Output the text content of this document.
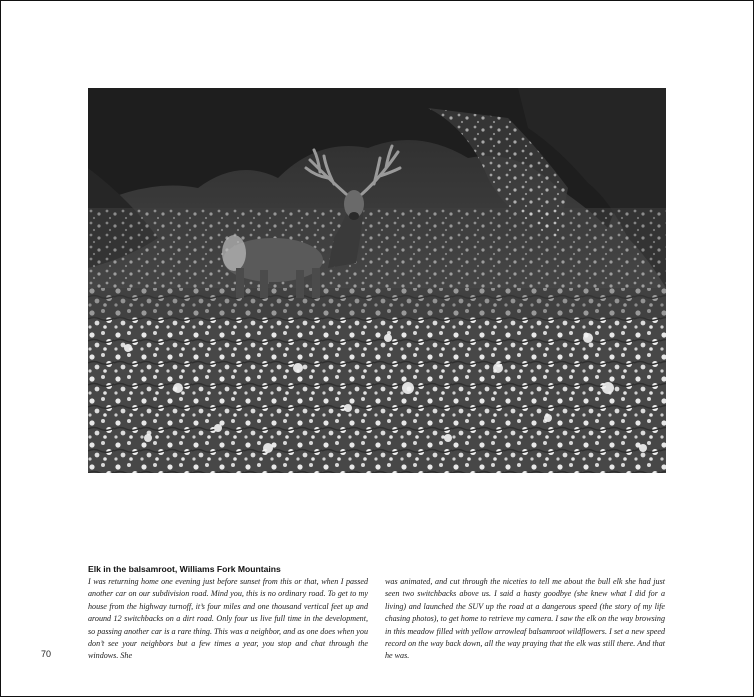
Elk in the balsamroot, Williams Fork Mountains
I was returning home one evening just before sunset from this or that, when I passed another car on our subdivision road. Mind you, this is no ordinary road. To get to my house from the highway turnoff, it’s four miles and one thousand vertical feet up and around 12 switchbacks on a dirt road. Only four us live full time in the development, so passing another car is a rare thing. This was a neighbor, and as one does when you don’t see your neighbors but a few times a year, you stop and chat through the windows. She
was animated, and cut through the niceties to tell me about the bull elk she had just seen two switchbacks above us. I said a hasty goodbye (she knew what I did for a living) and launched the SUV up the road at a dangerous speed (the story of my life chasing photos), to get home to retrieve my camera. I saw the elk on the way browsing in this meadow filled with yellow arrowleaf balsamroot wildflowers. I set a new speed record on the way back down, all the way praying that the elk was still there. And that he was.
70
